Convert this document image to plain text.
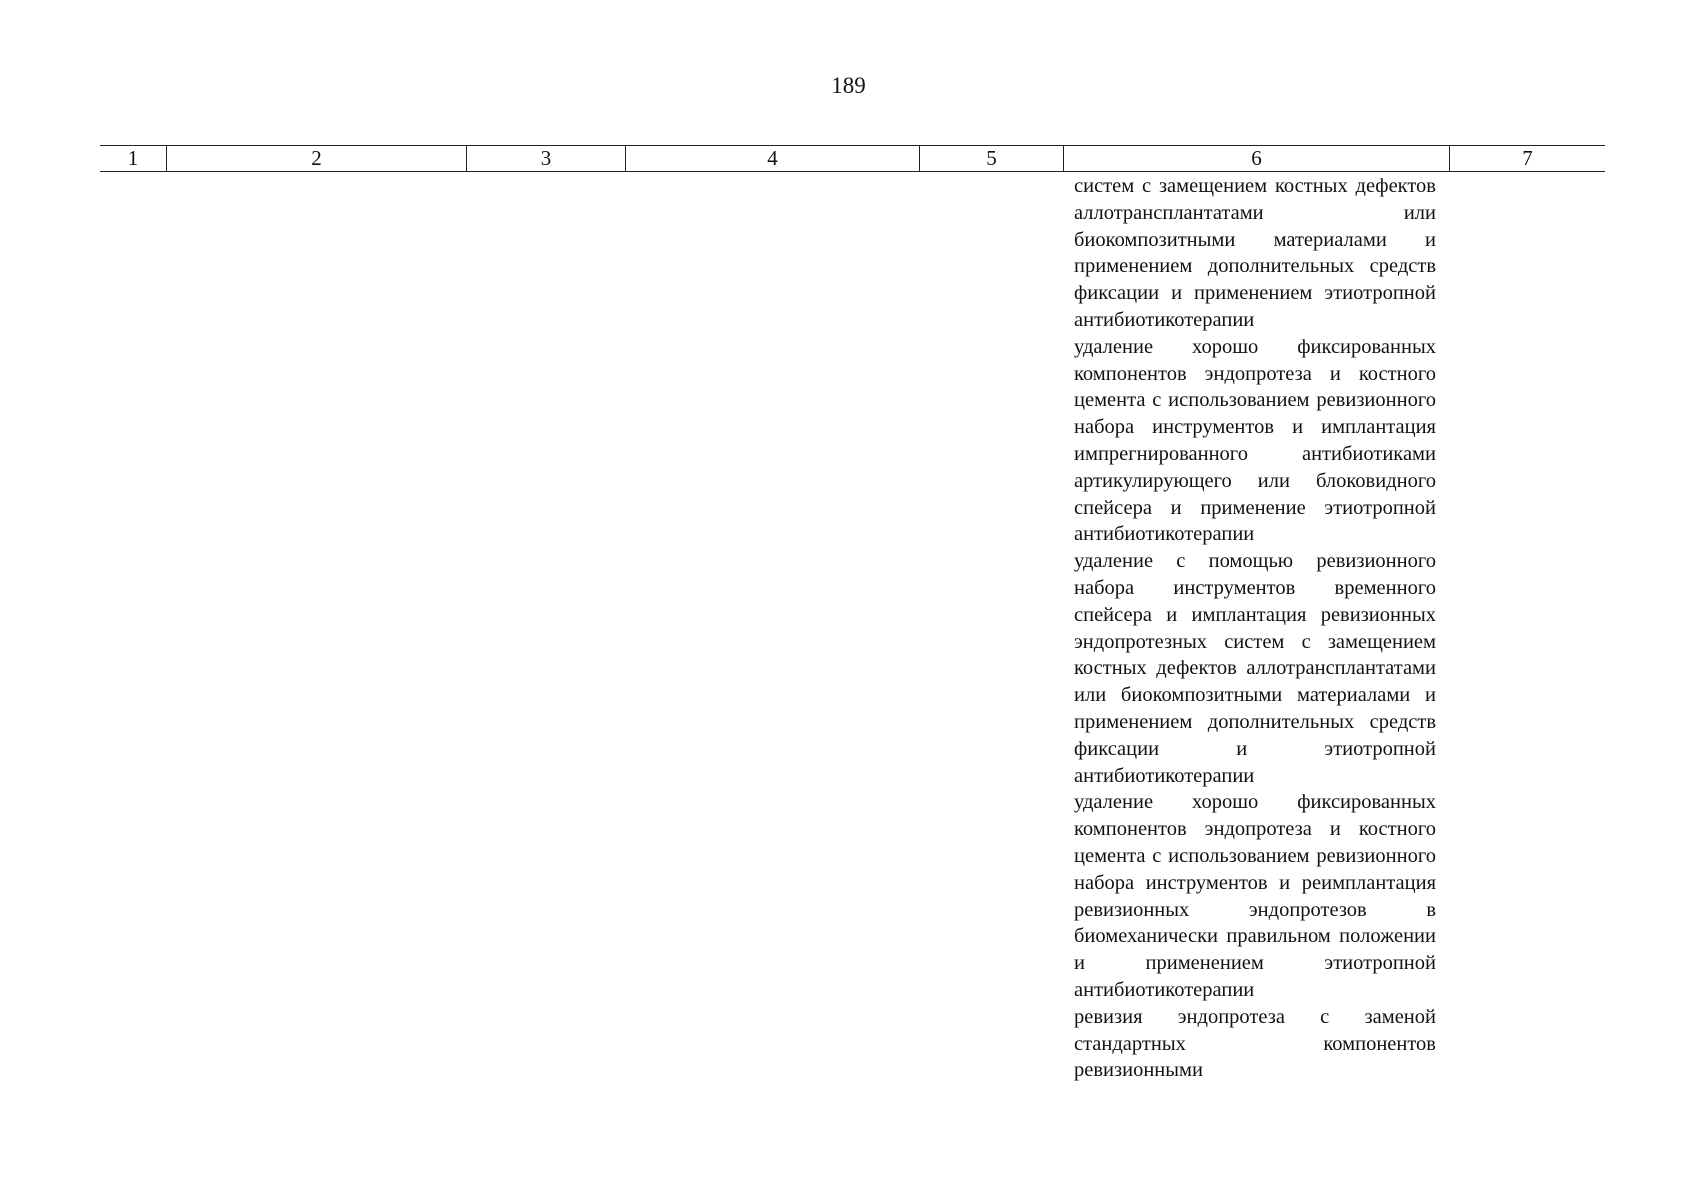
189
1	2	3	4	5	6	7

систем с замещением костных дефектов аллотрансплантатами или биокомпозитными материалами и применением дополнительных средств фиксации и применением этиотропной антибиотикотерапии

удаление хорошо фиксированных компонентов эндопротеза и костного цемента с использованием ревизионного набора инструментов и имплантация импрегнированного антибиотиками артикулирующего или блоковидного спейсера и применение этиотропной антибиотикотерапии

удаление с помощью ревизионного набора инструментов временного спейсера и имплантация ревизионных эндопротезных систем с замещением костных дефектов аллотрансплантатами или биокомпозитными материалами и применением дополнительных средств фиксации и этиотропной антибиотикотерапии

удаление хорошо фиксированных компонентов эндопротеза и костного цемента с использованием ревизионного набора инструментов и реимплантация ревизионных эндопротезов в биомеханически правильном положении и применением этиотропной антибиотикотерапии

ревизия эндопротеза с заменой стандартных компонентов ревизионными
